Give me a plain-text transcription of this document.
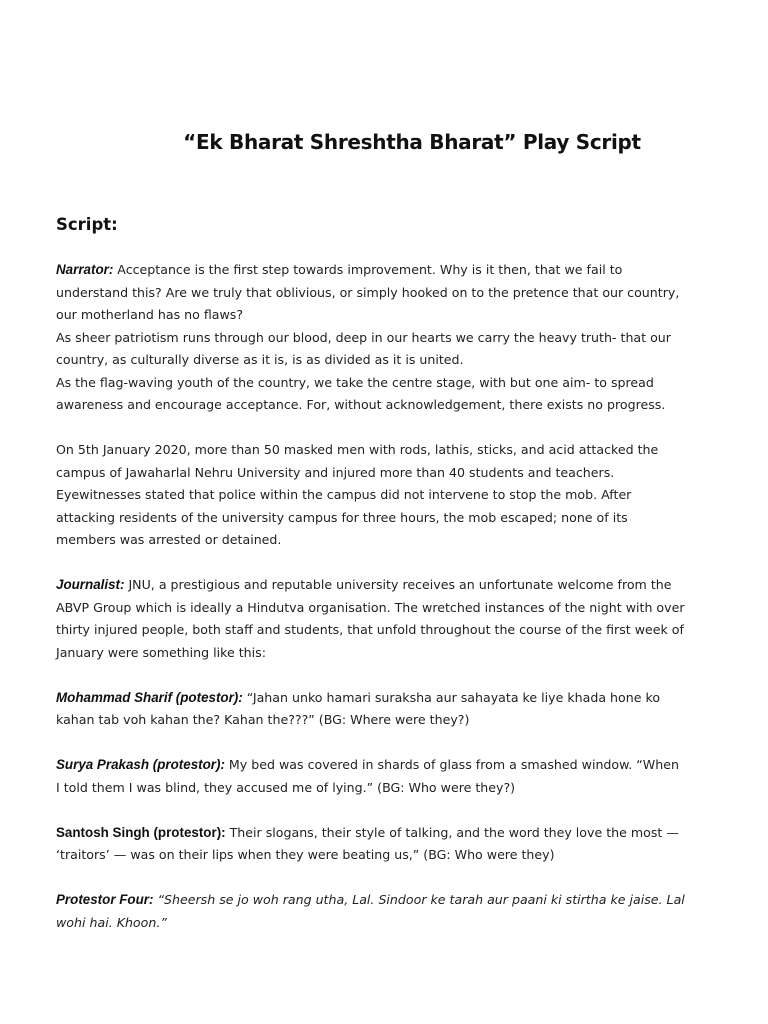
“Ek Bharat Shreshtha Bharat” Play Script
Script:

Narrator: Acceptance is the first step towards improvement. Why is it then, that we fail to understand this? Are we truly that oblivious, or simply hooked on to the pretence that our country, our motherland has no flaws?

As sheer patriotism runs through our blood, deep in our hearts we carry the heavy truth- that our country, as culturally diverse as it is, is as divided as it is united.

As the flag-waving youth of the country, we take the centre stage, with but one aim- to spread awareness and encourage acceptance. For, without acknowledgement, there exists no progress.

On 5th January 2020, more than 50 masked men with rods, lathis, sticks, and acid attacked the campus of Jawaharlal Nehru University and injured more than 40 students and teachers. Eyewitnesses stated that police within the campus did not intervene to stop the mob. After attacking residents of the university campus for three hours, the mob escaped; none of its members was arrested or detained.

Journalist: JNU, a prestigious and reputable university receives an unfortunate welcome from the ABVP Group which is ideally a Hindutva organisation. The wretched instances of the night with over thirty injured people, both staff and students, that unfold throughout the course of the first week of January were something like this:

Mohammad Sharif (potestor): “Jahan unko hamari suraksha aur sahayata ke liye khada hone ko kahan tab voh kahan the? Kahan the???” (BG: Where were they?)

Surya Prakash (protestor): My bed was covered in shards of glass from a smashed window. “When I told them I was blind, they accused me of lying.” (BG: Who were they?)

Santosh Singh (protestor): Their slogans, their style of talking, and the word they love the most — ‘traitors’ — was on their lips when they were beating us,” (BG: Who were they)

Protestor Four: “Sheersh se jo woh rang utha, Lal. Sindoor ke tarah aur paani ki stirtha ke jaise. Lal wohi hai. Khoon.”
